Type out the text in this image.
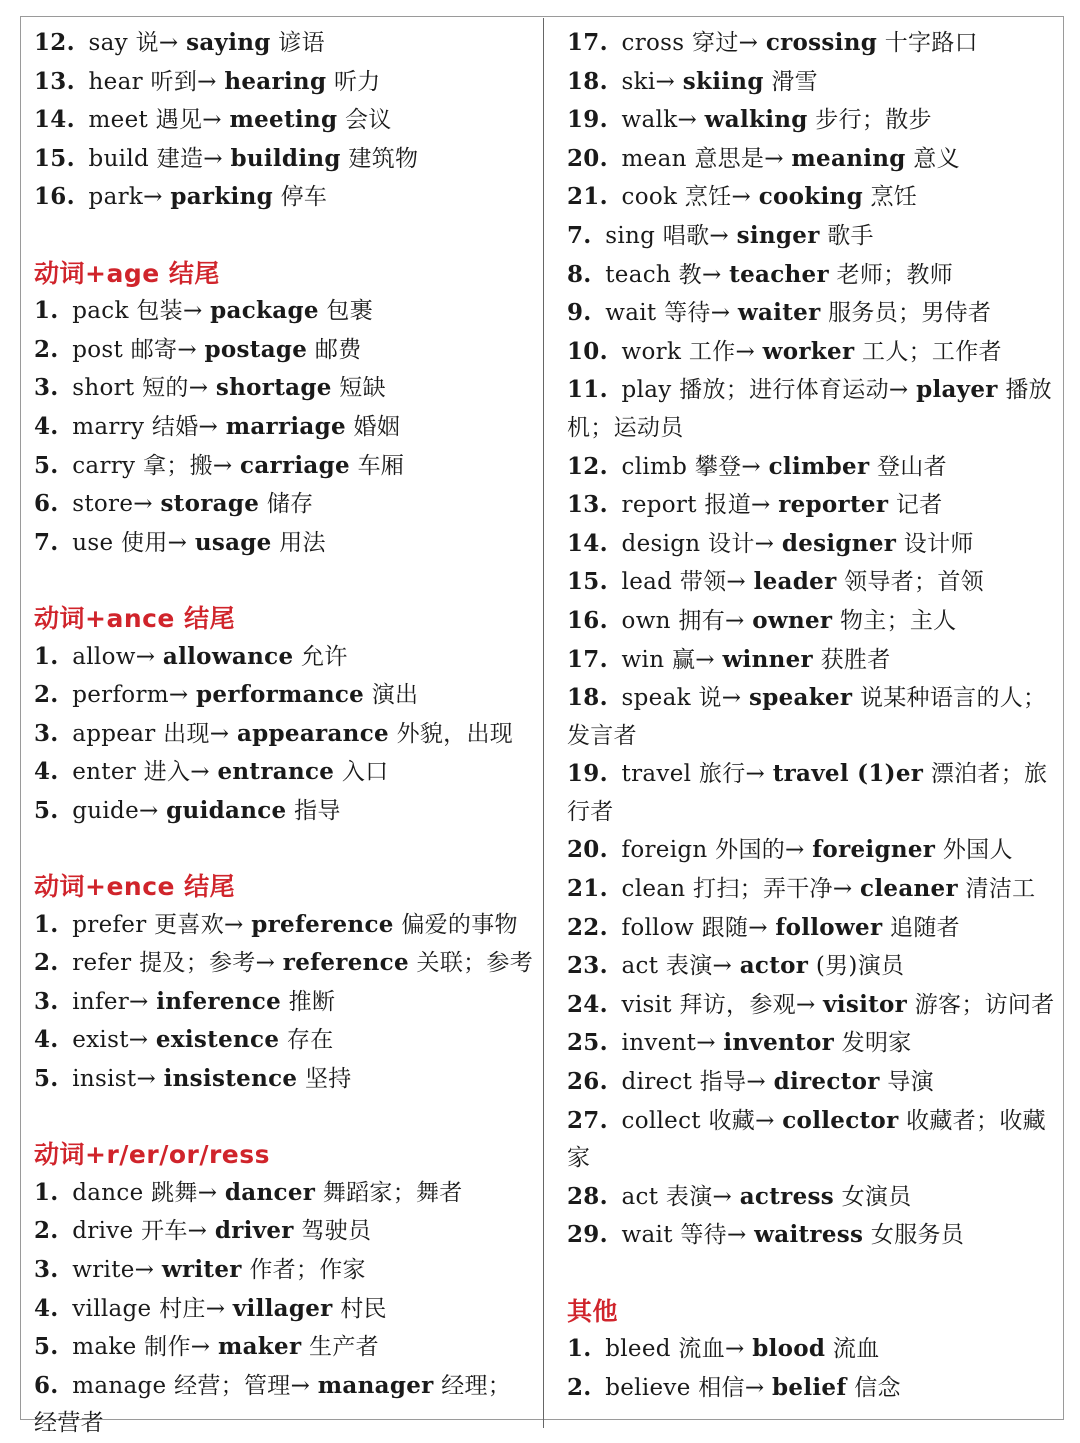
12. say 说→ saying 谚语
13. hear 听到→ hearing 听力
14. meet 遇见→ meeting 会议
15. build 建造→ building 建筑物
16. park→ parking 停车
动词+age 结尾
1. pack 包装→ package 包裹
2. post 邮寄→ postage 邮费
3. short 短的→ shortage 短缺
4. marry 结婚→ marriage 婚姻
5. carry 拿；搬→ carriage 车厢
6. store→ storage 储存
7. use 使用→ usage 用法
动词+ance 结尾
1. allow→ allowance 允许
2. perform→ performance 演出
3. appear 出现→ appearance 外貌，出现
4. enter 进入→ entrance 入口
5. guide→ guidance 指导
动词+ence 结尾
1. prefer 更喜欢→ preference 偏爱的事物
2. refer 提及；参考→ reference 关联；参考
3. infer→ inference 推断
4. exist→ existence 存在
5. insist→ insistence 坚持
动词+r/er/or/ress
1. dance 跳舞→ dancer 舞蹈家；舞者
2. drive 开车→ driver 驾驶员
3. write→ writer 作者；作家
4. village 村庄→ villager 村民
5. make 制作→ maker 生产者
6. manage 经营；管理→ manager 经理；经营者
17. cross 穿过→ crossing 十字路口
18. ski→ skiing 滑雪
19. walk→ walking 步行；散步
20. mean 意思是→ meaning 意义
21. cook 烹饪→ cooking 烹饪
7. sing 唱歌→ singer 歌手
8. teach 教→ teacher 老师；教师
9. wait 等待→ waiter 服务员；男侍者
10. work 工作→ worker 工人；工作者
11. play 播放；进行体育运动→ player 播放机；运动员
12. climb 攀登→ climber 登山者
13. report 报道→ reporter 记者
14. design 设计→ designer 设计师
15. lead 带领→ leader 领导者；首领
16. own 拥有→ owner 物主；主人
17. win 赢→ winner 获胜者
18. speak 说→ speaker 说某种语言的人；发言者
19. travel 旅行→ travel (1)er 漂泊者；旅行者
20. foreign 外国的→ foreigner 外国人
21. clean 打扫；弄干净→ cleaner 清洁工
22. follow 跟随→ follower 追随者
23. act 表演→ actor (男)演员
24. visit 拜访，参观→ visitor 游客；访问者
25. invent→ inventor 发明家
26. direct 指导→ director 导演
27. collect 收藏→ collector 收藏者；收藏家
28. act 表演→ actress 女演员
29. wait 等待→ waitress 女服务员
其他
1. bleed 流血→ blood 流血
2. believe 相信→ belief 信念
